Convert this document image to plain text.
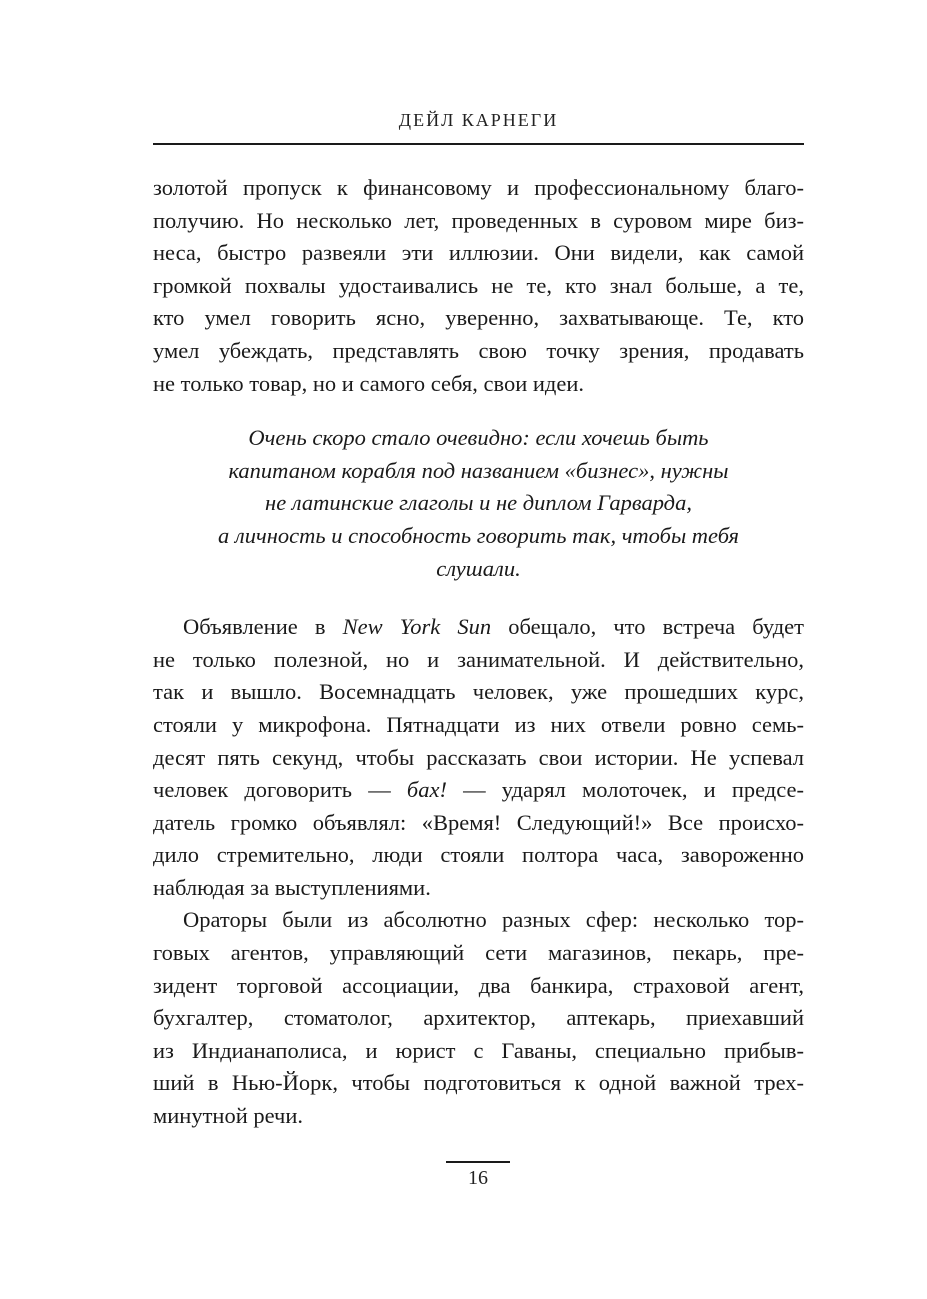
ДЕЙЛ КАРНЕГИ

золотой пропуск к финансовому и профессиональному благо-
получию. Но несколько лет, проведенных в суровом мире биз-
неса, быстро развеяли эти иллюзии. Они видели, как самой
громкой похвалы удостаивались не те, кто знал больше, а те,
кто умел говорить ясно, уверенно, захватывающе. Те, кто
умел убеждать, представлять свою точку зрения, продавать
не только товар, но и самого себя, свои идеи.

Очень скоро стало очевидно: если хочешь быть
капитаном корабля под названием «бизнес», нужны
не латинские глаголы и не диплом Гарварда,
а личность и способность говорить так, чтобы тебя
слушали.

Объявление в New York Sun обещало, что встреча будет
не только полезной, но и занимательной. И действительно,
так и вышло. Восемнадцать человек, уже прошедших курс,
стояли у микрофона. Пятнадцати из них отвели ровно семь-
десят пять секунд, чтобы рассказать свои истории. Не успевал
человек договорить — бах! — ударял молоточек, и предсе-
датель громко объявлял: «Время! Следующий!» Все происхо-
дило стремительно, люди стояли полтора часа, завороженно
наблюдая за выступлениями.

Ораторы были из абсолютно разных сфер: несколько тор-
говых агентов, управляющий сети магазинов, пекарь, пре-
зидент торговой ассоциации, два банкира, страховой агент,
бухгалтер, стоматолог, архитектор, аптекарь, приехавший
из Индианаполиса, и юрист с Гаваны, специально прибыв-
ший в Нью-Йорк, чтобы подготовиться к одной важной трех-
минутной речи.

16
